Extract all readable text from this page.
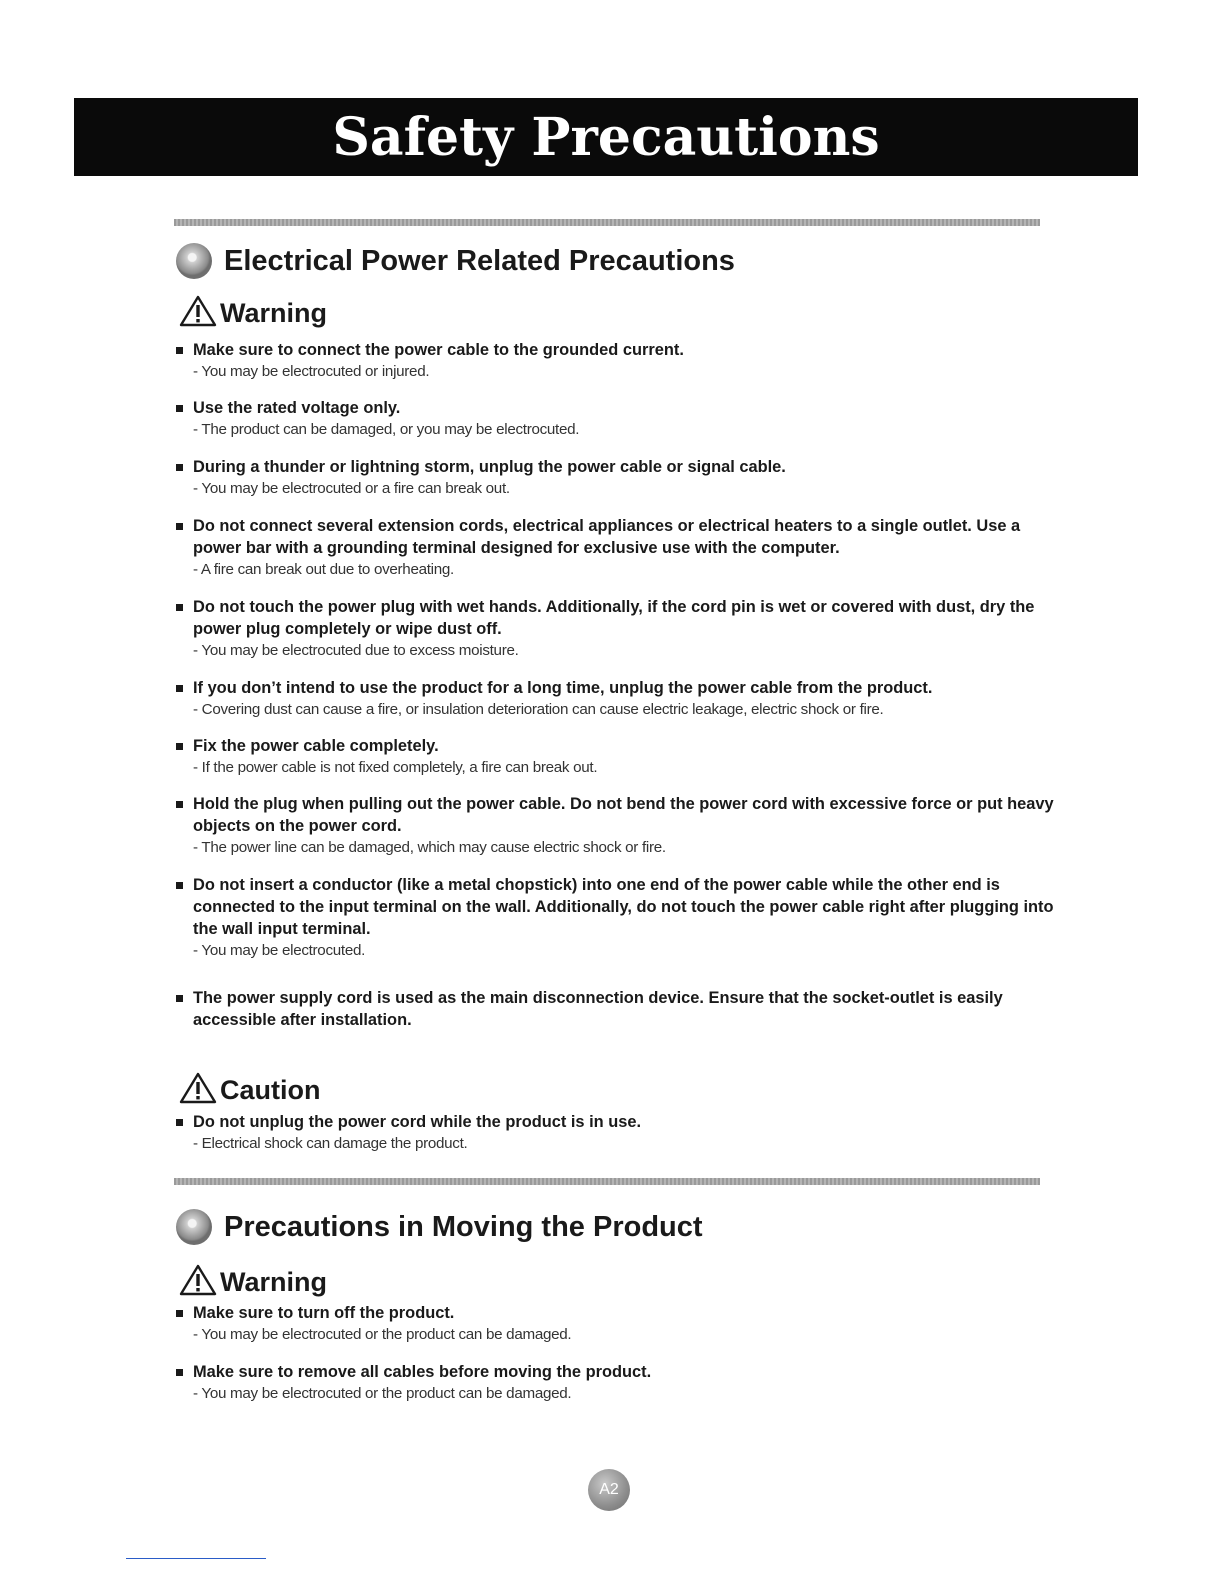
Safety Precautions
Electrical Power Related Precautions
Warning
Make sure to connect the power cable to the grounded current.
- You may be electrocuted or injured.
Use the rated voltage only.
- The product can be damaged, or you may be electrocuted.
During a thunder or lightning storm, unplug the power cable or signal cable.
- You may be electrocuted or a fire can break out.
Do not connect several extension cords, electrical appliances or electrical heaters to a single outlet. Use a power bar with a grounding terminal designed for exclusive use with the computer.
- A fire can break out due to overheating.
Do not touch the power plug with wet hands. Additionally, if the cord pin is wet or covered with dust, dry the power plug completely or wipe dust off.
- You may be electrocuted due to excess moisture.
If you don’t intend to use the product for a long time, unplug the power cable from the product.
- Covering dust can cause a fire, or insulation deterioration can cause electric leakage, electric shock or fire.
Fix the power cable completely.
- If the power cable is not fixed completely, a fire can break out.
Hold the plug when pulling out the power cable. Do not bend the power cord with excessive force or put heavy objects on the power cord.
- The power line can be damaged, which may cause electric shock or fire.
Do not insert a conductor (like a metal chopstick) into one end of the power cable while the other end is connected to the input terminal on the wall. Additionally, do not touch the power cable right after plugging into the wall input terminal.
- You may be electrocuted.
The power supply cord is used as the main disconnection device. Ensure that the socket-outlet is easily accessible after installation.
Caution
Do not unplug the power cord while the product is in use.
- Electrical shock can damage the product.
Precautions in Moving the Product
Warning
Make sure to turn off the product.
- You may be electrocuted or the product can be damaged.
Make sure to remove all cables before moving the product.
- You may be electrocuted or the product can be damaged.
A2
